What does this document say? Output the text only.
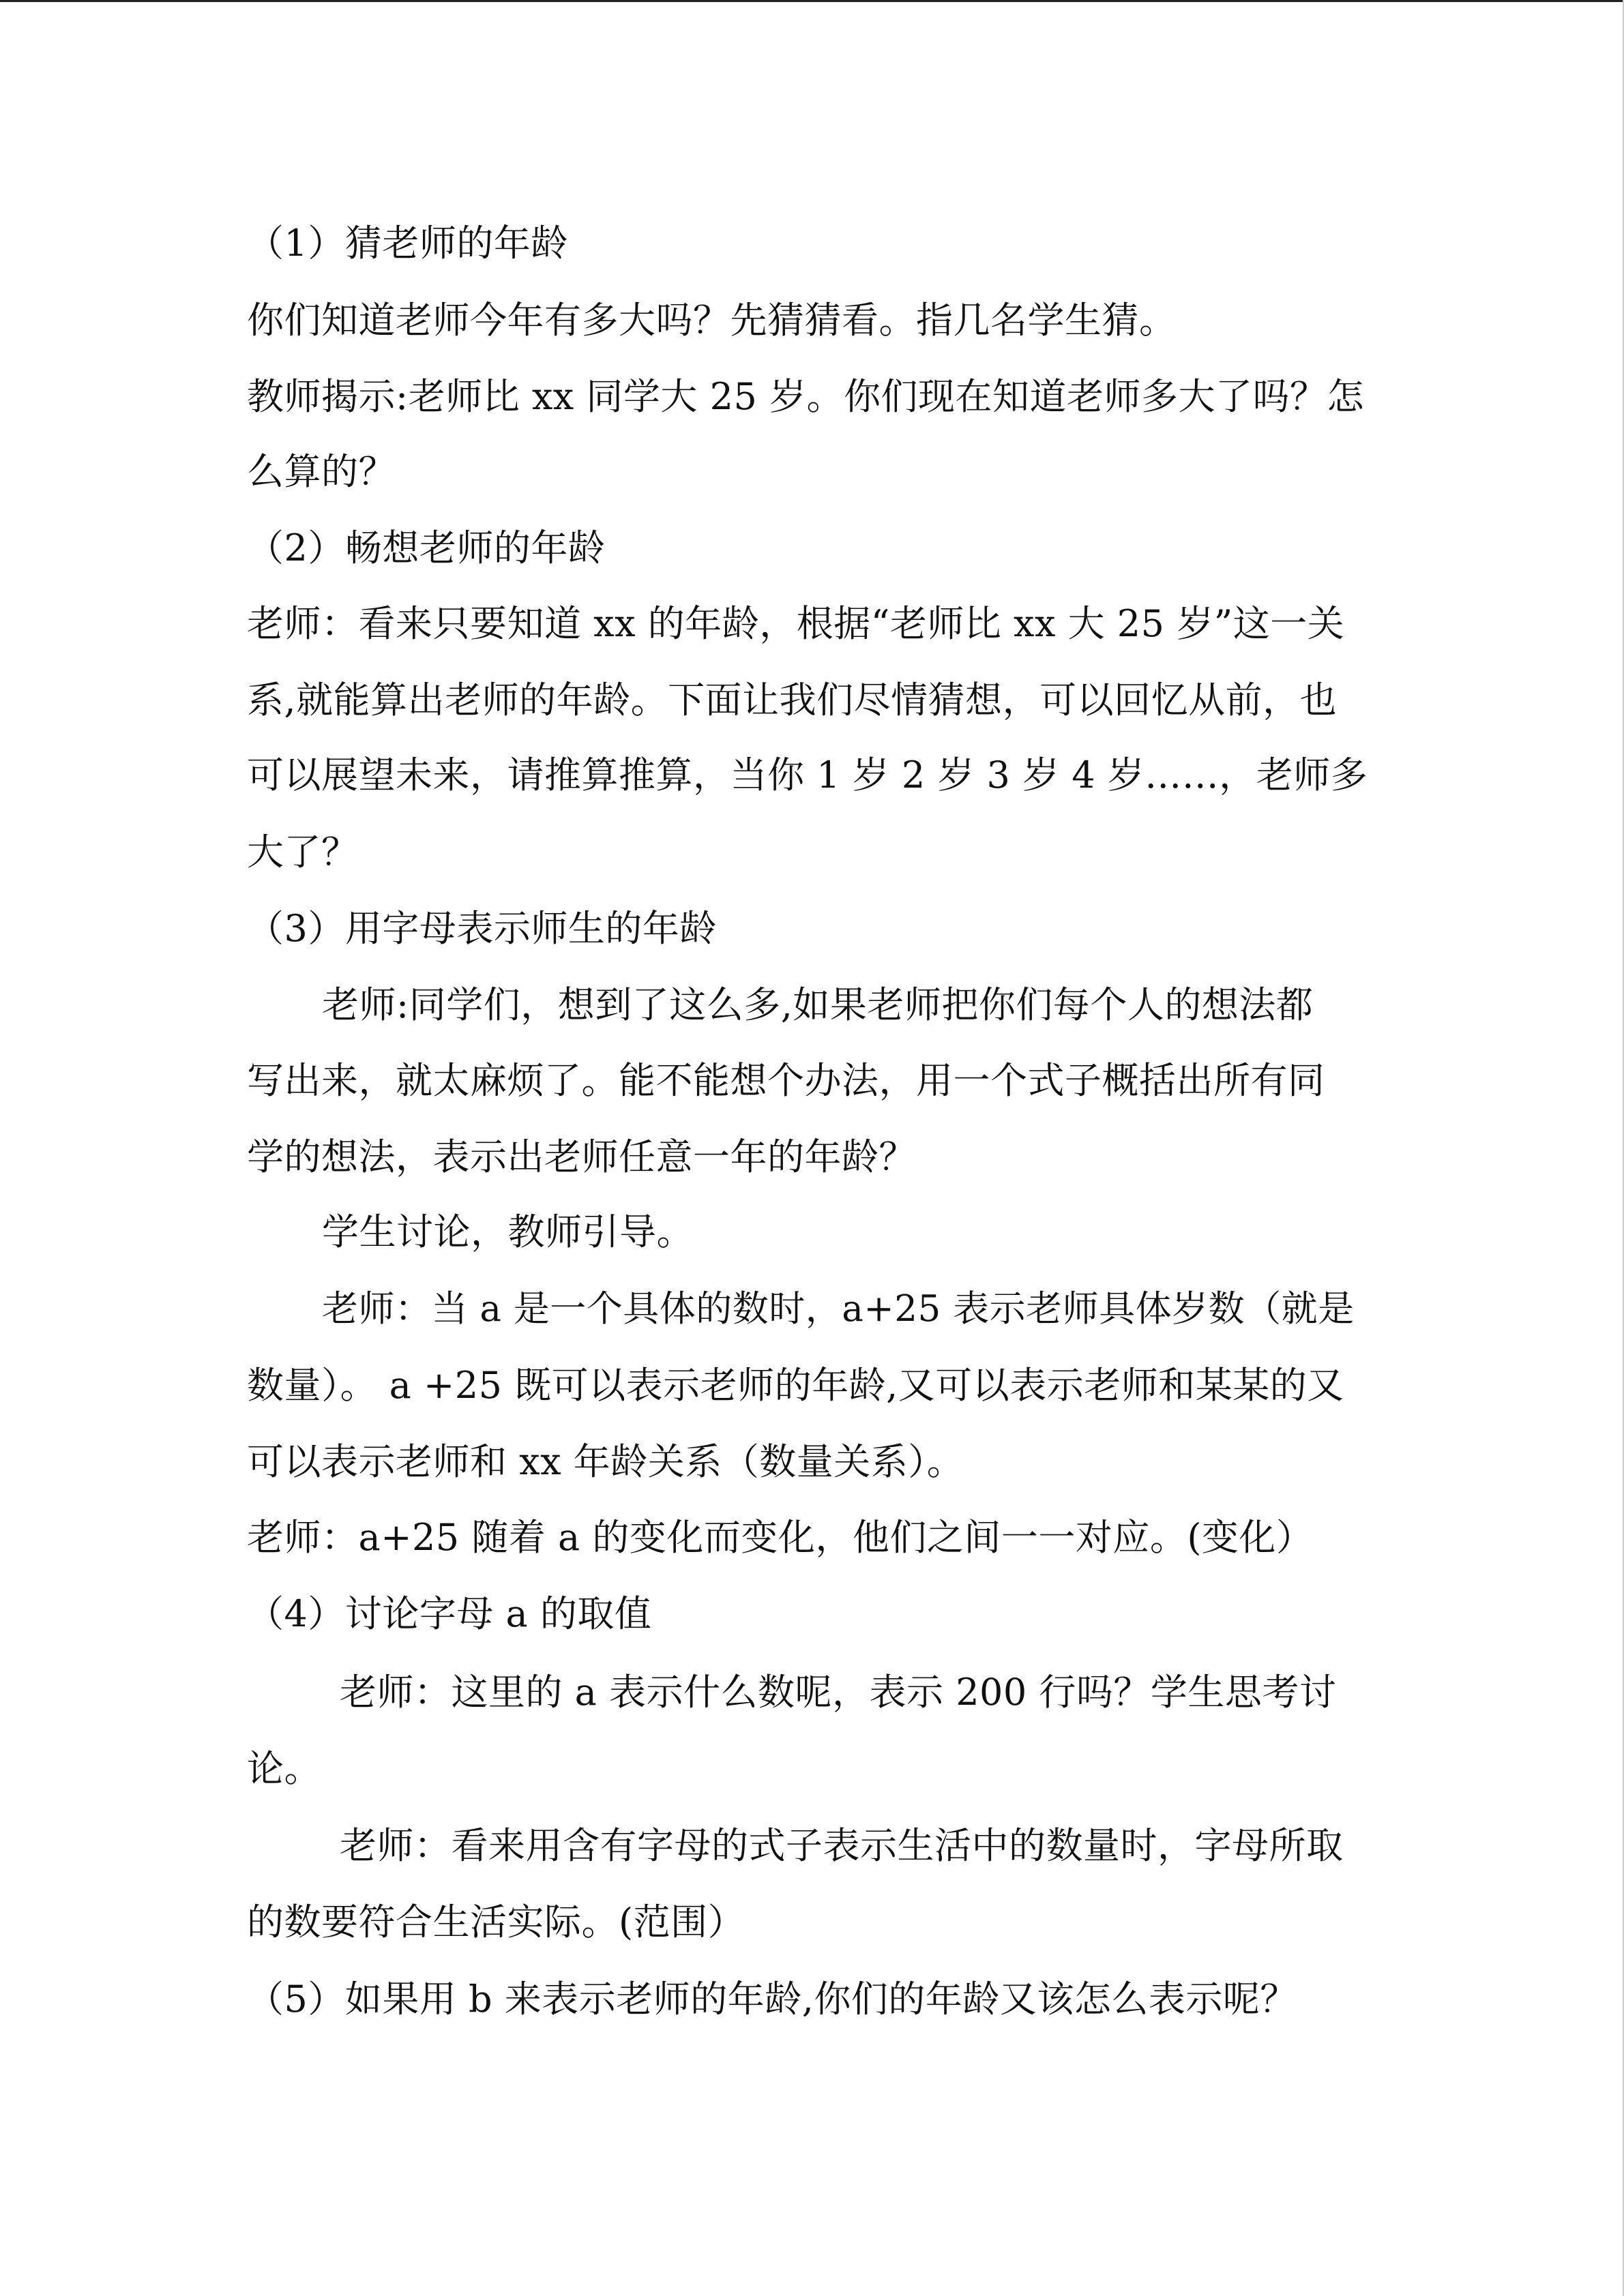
（1）猜老师的年龄
你们知道老师今年有多大吗？先猜猜看。指几名学生猜。
教师揭示:老师比 xx 同学大 25 岁。你们现在知道老师多大了吗？怎
么算的？
（2）畅想老师的年龄
老师：看来只要知道 xx 的年龄，根据“老师比 xx 大 25 岁”这一关
系,就能算出老师的年龄。下面让我们尽情猜想，可以回忆从前，也
可以展望未来，请推算推算，当你 1 岁 2 岁 3 岁 4 岁……，老师多
大了？
（3）用字母表示师生的年龄
老师:同学们，想到了这么多,如果老师把你们每个人的想法都
写出来，就太麻烦了。能不能想个办法，用一个式子概括出所有同
学的想法，表示出老师任意一年的年龄？
学生讨论，教师引导。
老师：当 a 是一个具体的数时，a+25 表示老师具体岁数（就是
数量）。 a +25 既可以表示老师的年龄,又可以表示老师和某某的又
可以表示老师和 xx 年龄关系（数量关系）。
老师：a+25 随着 a 的变化而变化，他们之间一一对应。(变化）
（4）讨论字母 a 的取值
老师：这里的 a 表示什么数呢，表示 200 行吗？学生思考讨
论。
老师：看来用含有字母的式子表示生活中的数量时，字母所取
的数要符合生活实际。(范围）
（5）如果用 b 来表示老师的年龄,你们的年龄又该怎么表示呢？
